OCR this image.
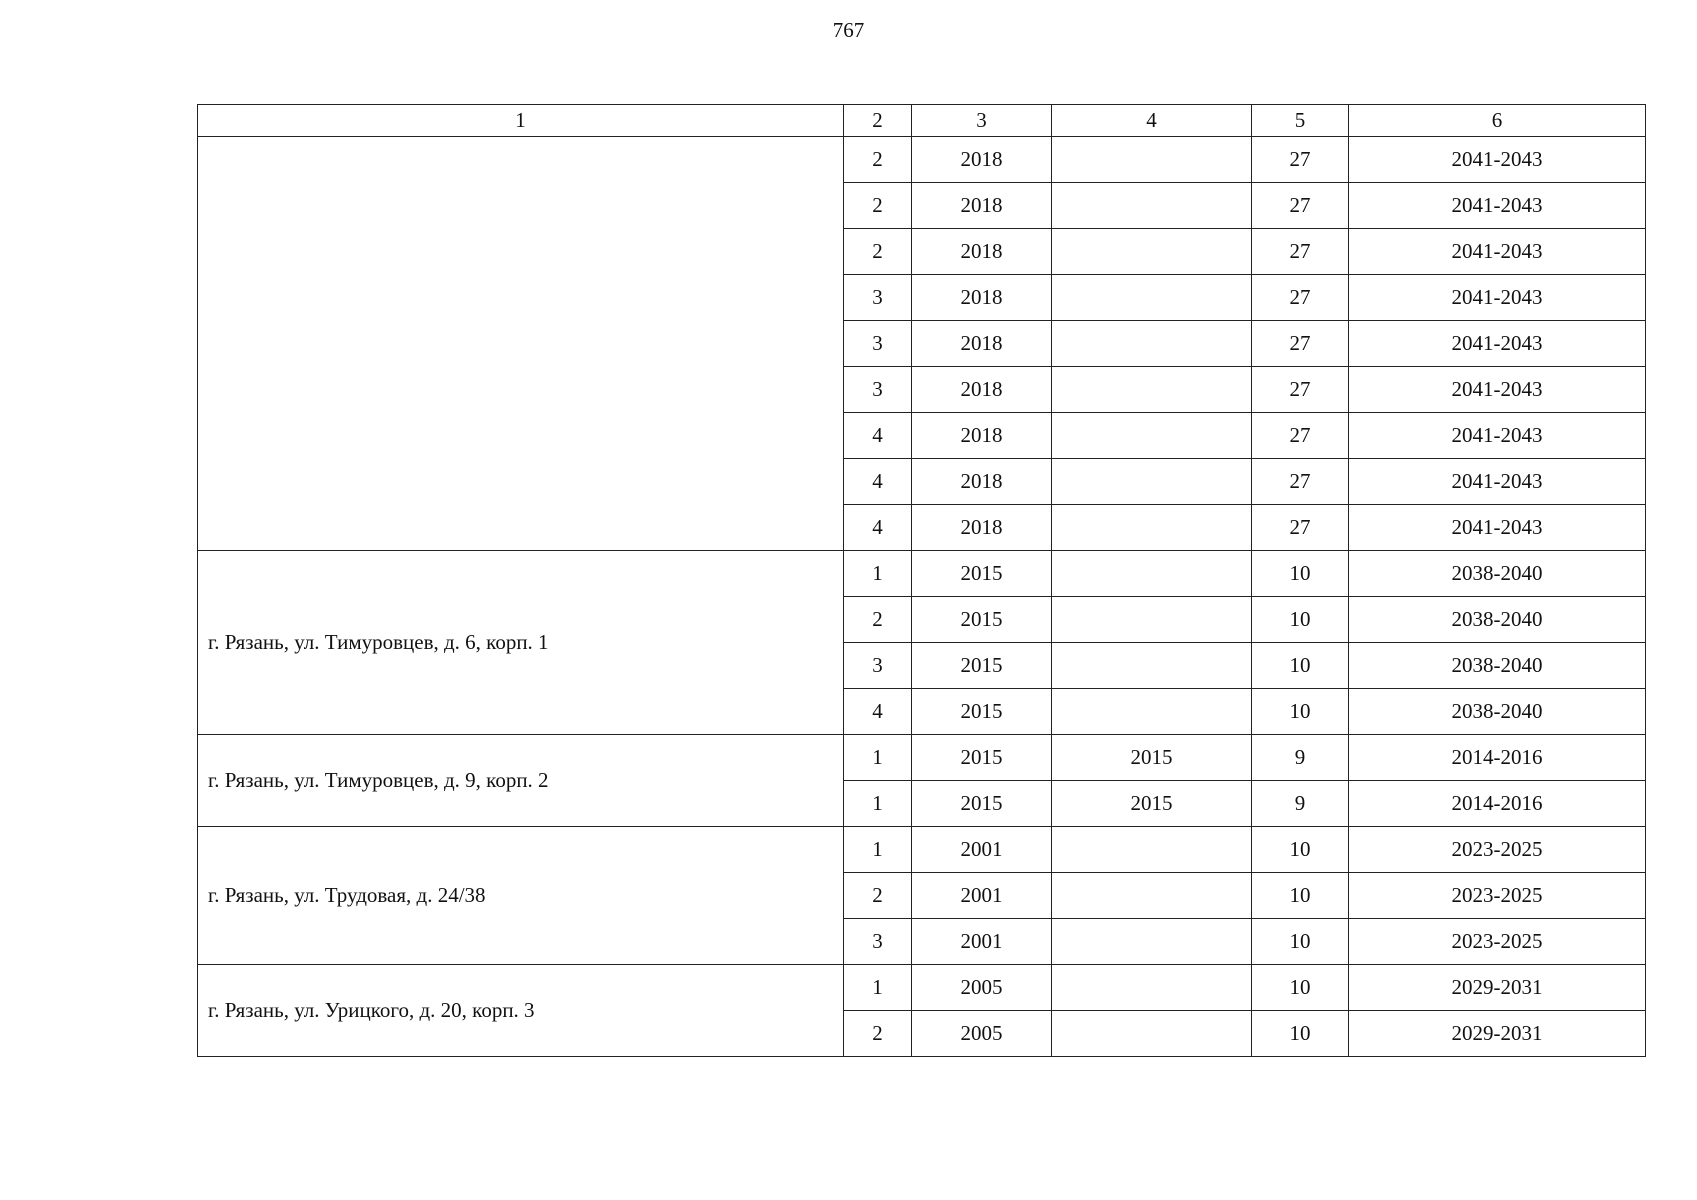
767
1	2	3	4	5	6
	2	2018		27	2041-2043
	2	2018		27	2041-2043
	2	2018		27	2041-2043
	3	2018		27	2041-2043
	3	2018		27	2041-2043
	3	2018		27	2041-2043
	4	2018		27	2041-2043
	4	2018		27	2041-2043
	4	2018		27	2041-2043
г. Рязань, ул. Тимуровцев, д. 6, корп. 1	1	2015		10	2038-2040
	2	2015		10	2038-2040
	3	2015		10	2038-2040
	4	2015		10	2038-2040
г. Рязань, ул. Тимуровцев, д. 9, корп. 2	1	2015	2015	9	2014-2016
	1	2015	2015	9	2014-2016
г. Рязань, ул. Трудовая, д. 24/38	1	2001		10	2023-2025
	2	2001		10	2023-2025
	3	2001		10	2023-2025
г. Рязань, ул. Урицкого, д. 20, корп. 3	1	2005		10	2029-2031
	2	2005		10	2029-2031
